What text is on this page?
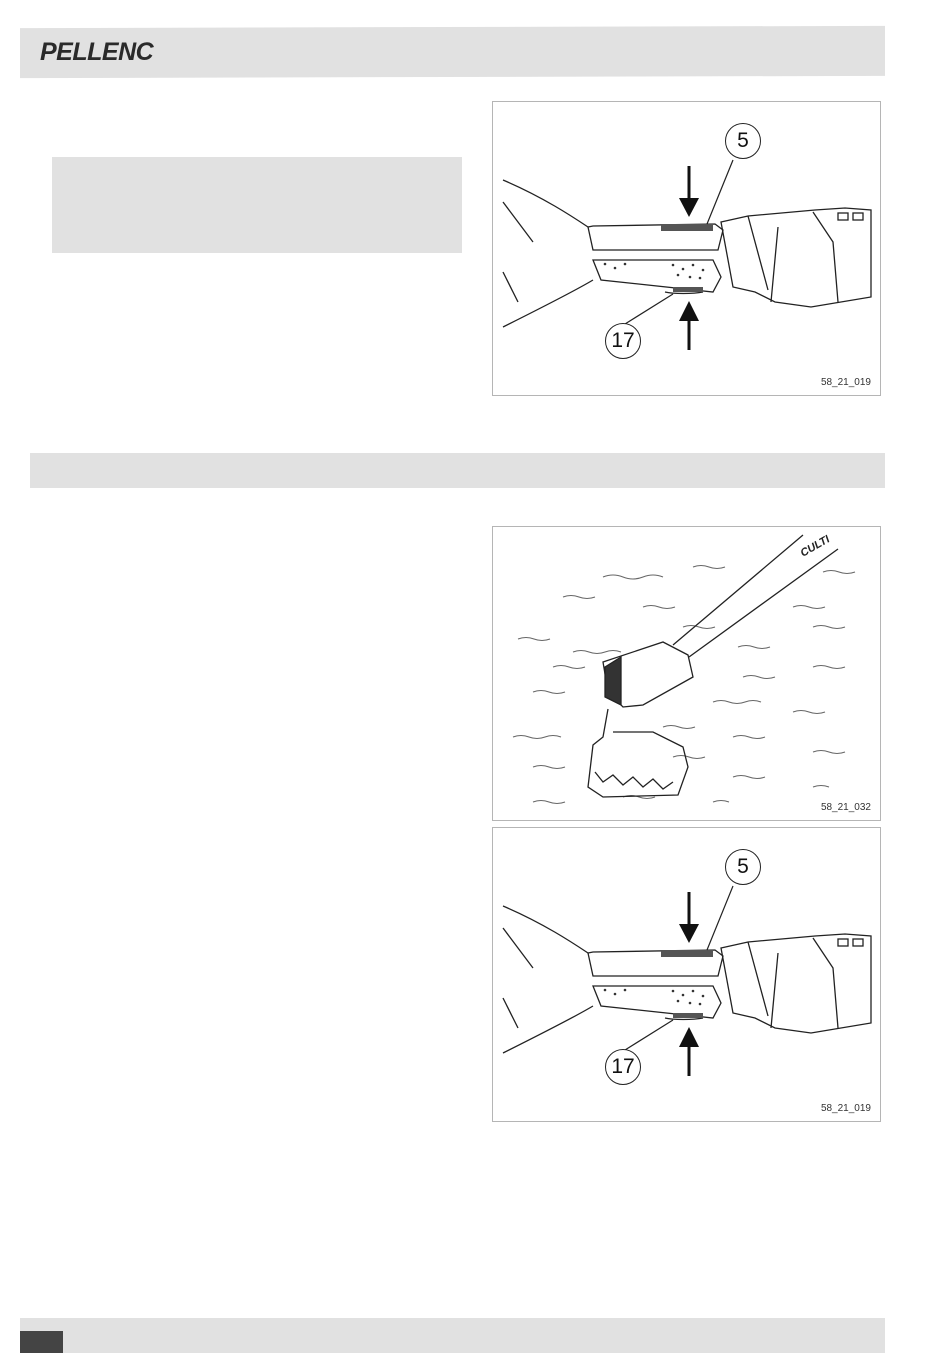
PELLENC
5
17
58_21_019
CULTI
58_21_032
5
17
58_21_019
